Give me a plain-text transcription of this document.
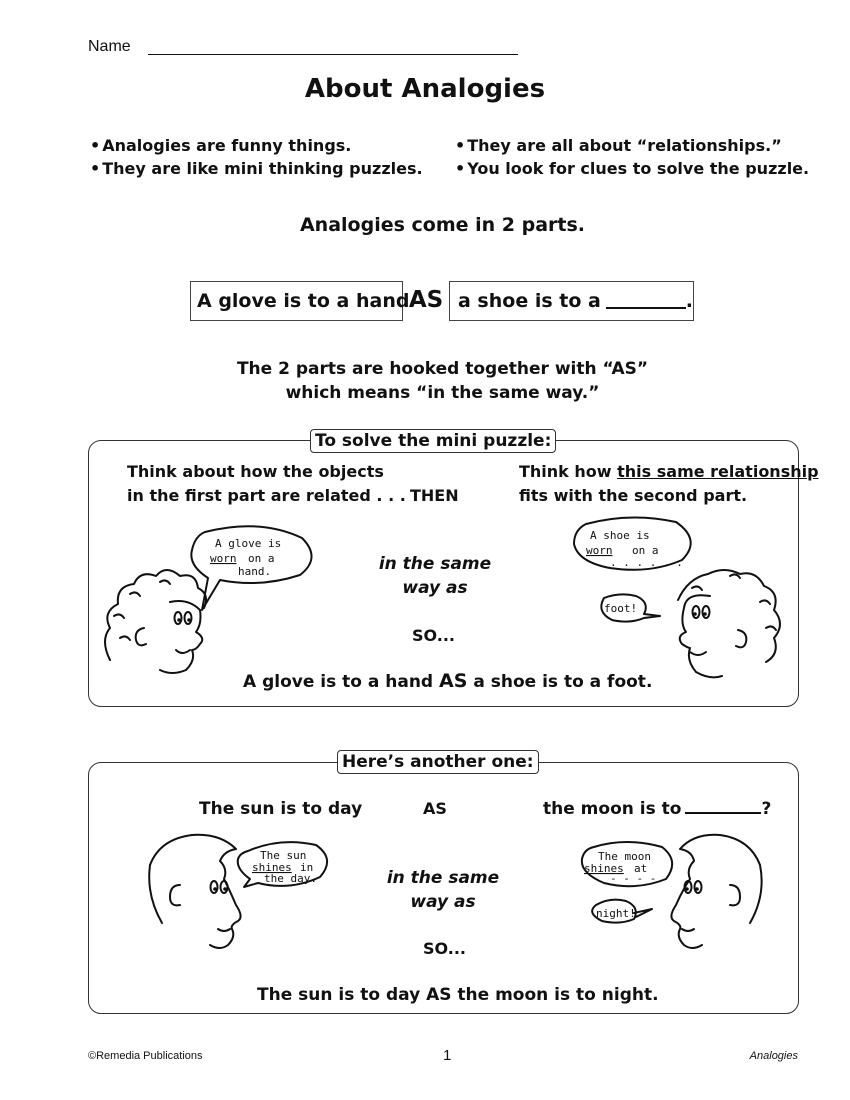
Name
About Analogies
• Analogies are funny things.
• They are like mini thinking puzzles.
• They are all about “relationships.”
• You look for clues to solve the puzzle.
Analogies come in 2 parts.
A glove is to a hand AS a shoe is to a	.
The 2 parts are hooked together with “AS”
which means “in the same way.”
To solve the mini puzzle:
Think about how the objects
in the first part are related . . . THEN
Think how this same relationship
fits with the second part.
in the same
way as
SO...
A glove is to a hand AS a shoe is to a foot.
A glove is
worn on a
hand.
A shoe is
worn on a
. . . . . .
foot!
Here’s another one:
The sun is to day	AS	the moon is to	?
in the same
way as
SO...
The sun is to day AS the moon is to night.
The sun
shines in
the day.
The moon
shines at
- - - -
night!
©Remedia Publications	1	Analogies
